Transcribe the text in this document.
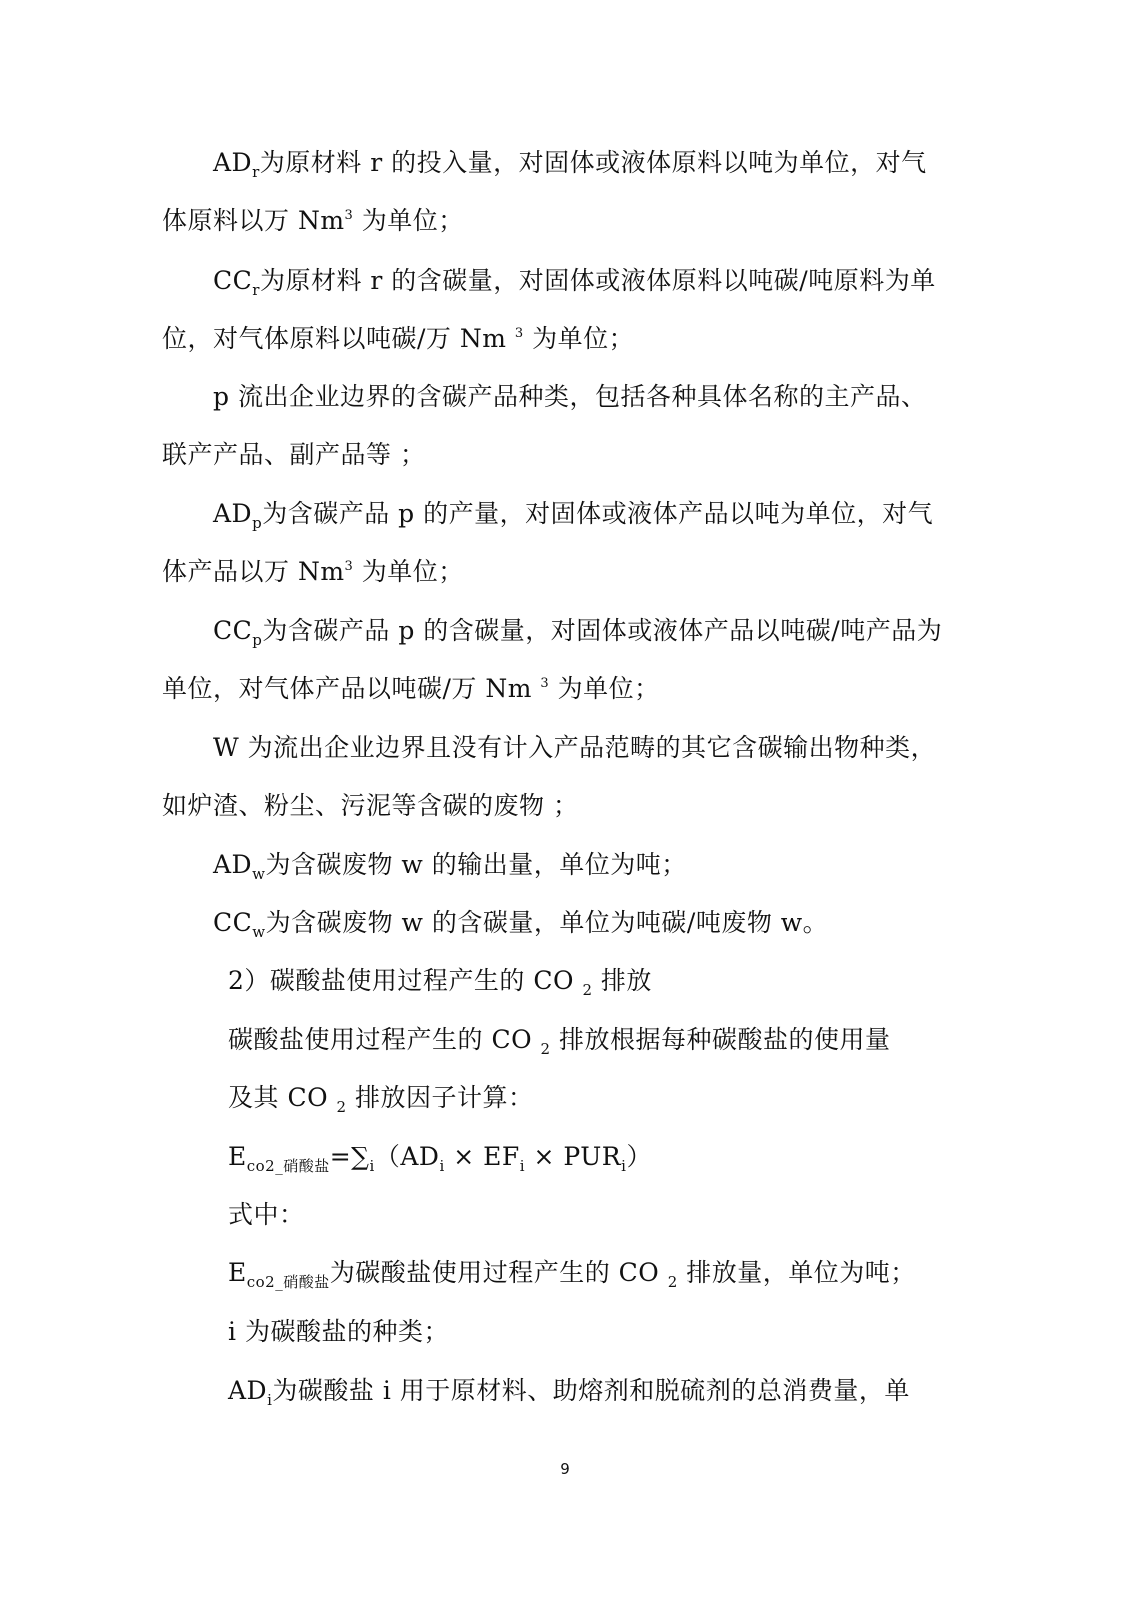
$AD_r$为原材料 r 的投入量，对固体或液体原料以吨为单位，对气
体原料以万 Nm$^3$ 为单位；
$CC_r$为原材料 r 的含碳量，对固体或液体原料以吨碳/吨原料为单
位，对气体原料以吨碳/万 Nm $^3$ 为单位；
p 流出企业边界的含碳产品种类，包括各种具体名称的主产品、
联产产品、副产品等 ；
$AD_p$为含碳产品 p 的产量，对固体或液体产品以吨为单位，对气
体产品以万 Nm$^3$ 为单位；
$CC_p$为含碳产品 p 的含碳量，对固体或液体产品以吨碳/吨产品为
单位，对气体产品以吨碳/万 Nm $^3$ 为单位；
W 为流出企业边界且没有计入产品范畴的其它含碳输出物种类，
如炉渣、粉尘、污泥等含碳的废物 ；
$AD_w$为含碳废物 w 的输出量，单位为吨；
$CC_w$为含碳废物 w 的含碳量，单位为吨碳/吨废物 w。
2）碳酸盐使用过程产生的 CO $_2$ 排放
碳酸盐使用过程产生的 CO $_2$ 排放根据每种碳酸盐的使用量
及其 CO $_2$ 排放因子计算：
$E_{co2\_硝酸盐}=\sum_i(AD_i \times EF_i \times PUR_i)$
式中：
$E_{co2\_硝酸盐}$为碳酸盐使用过程产生的 CO $_2$ 排放量，单位为吨；
i 为碳酸盐的种类；
$AD_i$为碳酸盐 i 用于原材料、助熔剂和脱硫剂的总消费量，单
9
